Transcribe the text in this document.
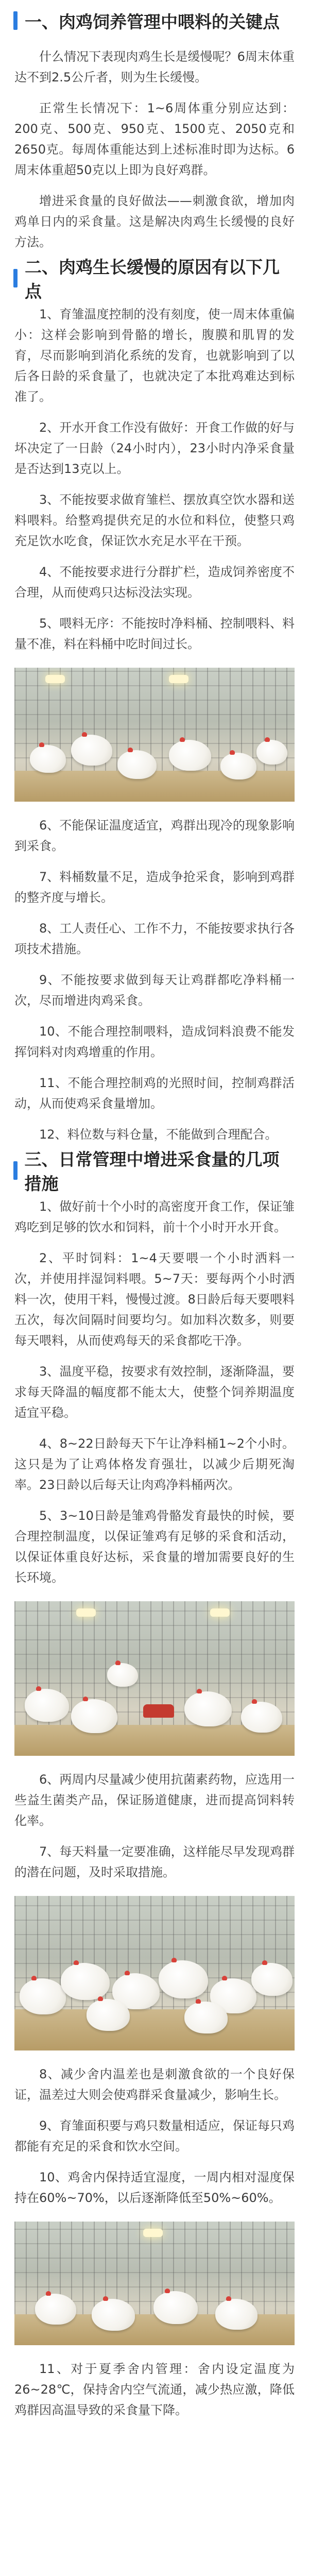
一、肉鸡饲养管理中喂料的关键点

什么情况下表现肉鸡生长是缓慢呢？6周末体重达不到2.5公斤者，则为生长缓慢。

正常生长情况下：1~6周体重分别应达到：200克、500克、950克、1500克、2050克和2650克。每周体重能达到上述标准时即为达标。6周末体重超50克以上即为良好鸡群。

增进采食量的良好做法——刺激食欲，增加肉鸡单日内的采食量。这是解决肉鸡生长缓慢的良好方法。

二、肉鸡生长缓慢的原因有以下几点

1、育雏温度控制的没有刻度，使一周末体重偏小：这样会影响到骨骼的增长，腹膜和肌胃的发育，尽而影响到消化系统的发育，也就影响到了以后各日龄的采食量了，也就决定了本批鸡难达到标准了。

2、开水开食工作没有做好：开食工作做的好与坏决定了一日龄（24小时内），23小时内净采食量是否达到13克以上。

3、不能按要求做育雏栏、摆放真空饮水器和送料喂料。给整鸡提供充足的水位和料位，使整只鸡充足饮水吃食，保证饮水充足水平在干预。

4、不能按要求进行分群扩栏，造成饲养密度不合理，从而使鸡只达标没法实现。

5、喂料无序：不能按时净料桶、控制喂料、料量不准，料在料桶中吃时间过长。

6、不能保证温度适宜，鸡群出现冷的现象影响到采食。

7、料桶数量不足，造成争抢采食，影响到鸡群的整齐度与增长。

8、工人责任心、工作不力，不能按要求执行各项技术措施。

9、不能按要求做到每天让鸡群都吃净料桶一次，尽而增进肉鸡采食。

10、不能合理控制喂料，造成饲料浪费不能发挥饲料对肉鸡增重的作用。

11、不能合理控制鸡的光照时间，控制鸡群活动，从而使鸡采食量增加。

12、料位数与料仓量，不能做到合理配合。

三、日常管理中增进采食量的几项措施

1、做好前十个小时的高密度开食工作，保证雏鸡吃到足够的饮水和饲料，前十个小时开水开食。

2、平时饲料：1~4天要喂一个小时洒料一次，并使用拌湿饲料喂。5~7天：要每两个小时洒料一次，使用干料，慢慢过渡。8日龄后每天要喂料五次，每次间隔时间要均匀。如加料次数多，则要每天喂料，从而使鸡每天的采食都吃干净。

3、温度平稳，按要求有效控制，逐渐降温，要求每天降温的幅度都不能太大，使整个饲养期温度适宜平稳。

4、8~22日龄每天下午让净料桶1~2个小时。这只是为了让鸡体格发育强壮，以减少后期死淘率。23日龄以后每天让肉鸡净料桶两次。

5、3~10日龄是雏鸡骨骼发育最快的时候，要合理控制温度，以保证雏鸡有足够的采食和活动，以保证体重良好达标，采食量的增加需要良好的生长环境。

6、两周内尽量减少使用抗菌素药物，应选用一些益生菌类产品，保证肠道健康，进而提高饲料转化率。

7、每天料量一定要准确，这样能尽早发现鸡群的潜在问题，及时采取措施。

8、减少舍内温差也是刺激食欲的一个良好保证，温差过大则会使鸡群采食量减少，影响生长。

9、育雏面积要与鸡只数量相适应，保证每只鸡都能有充足的采食和饮水空间。

10、鸡舍内保持适宜湿度，一周内相对湿度保持在60%~70%，以后逐渐降低至50%~60%。

11、对于夏季舍内管理：舍内设定温度为26~28℃，保持舍内空气流通，减少热应激，降低鸡群因高温导致的采食量下降。
